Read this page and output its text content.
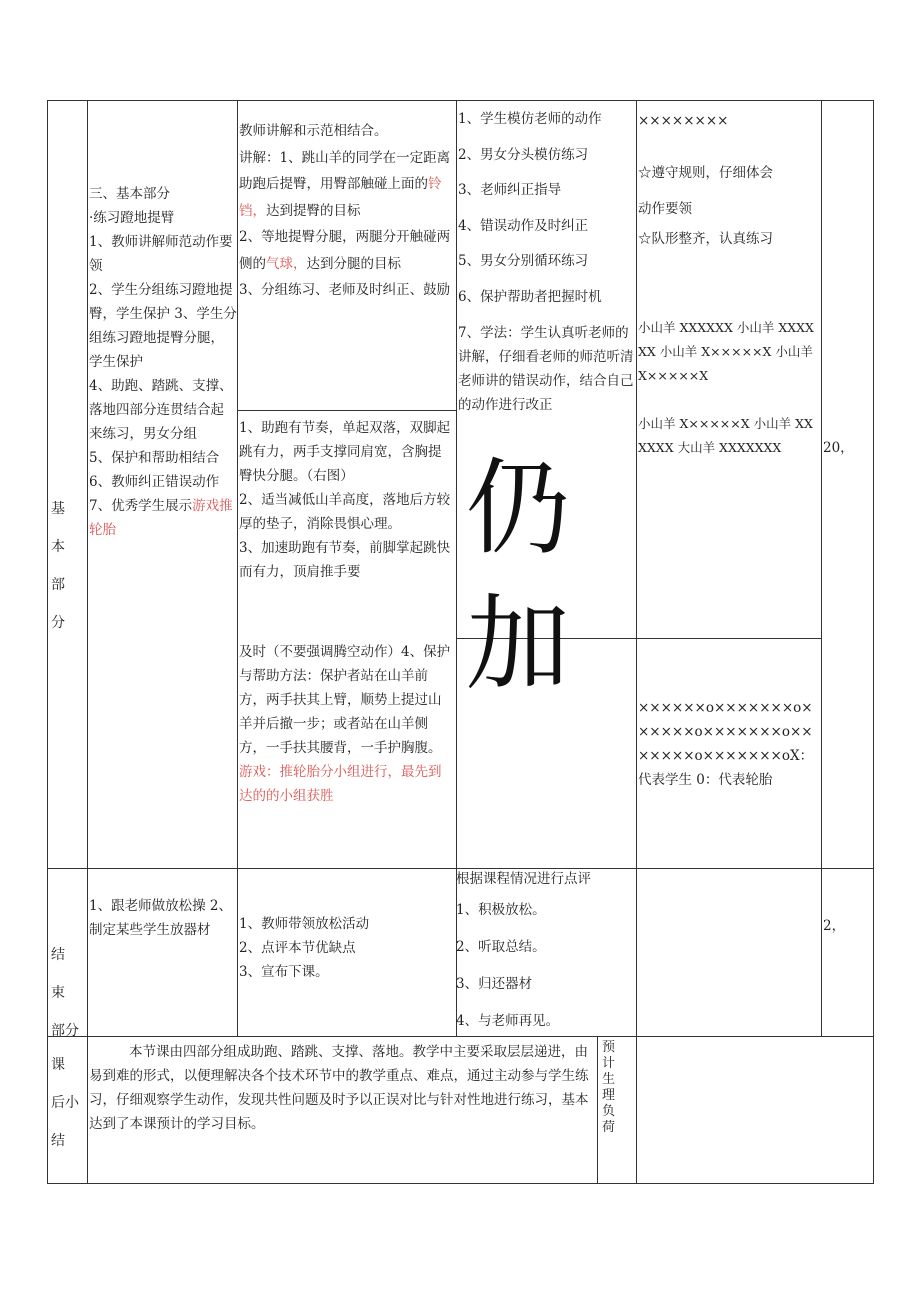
基
本
部
分
三、基本部分
·练习蹬地提臂
1、教师讲解师范动作要领
2、学生分组练习蹬地提臀，学生保护 3、学生分组练习蹬地提臀分腿，学生保护
4、助跑、踏跳、支撑、落地四部分连贯结合起来练习，男女分组
5、保护和帮助相结合
6、教师纠正错误动作
7、优秀学生展示游戏推轮胎
教师讲解和示范相结合。
讲解：1、跳山羊的同学在一定距离助跑后提臀，用臀部触碰上面的铃铛，达到提臀的目标
2、等地提臀分腿，两腿分开触碰两侧的气球，达到分腿的目标
3、分组练习、老师及时纠正、鼓励
1、助跑有节奏，单起双落，双脚起跳有力，两手支撑同肩宽，含胸提臀快分腿。（右图）
2、适当减低山羊高度，落地后方较厚的垫子，消除畏惧心理。
3、加速助跑有节奏，前脚掌起跳快而有力，顶肩推手要
及时（不要强调腾空动作）4、保护与帮助方法：保护者站在山羊前方，两手扶其上臂，顺势上提过山羊并后撤一步；或者站在山羊侧方，一手扶其腰背，一手护胸腹。游戏：推轮胎分小组进行，最先到达的的小组获胜
1、学生模仿老师的动作
2、男女分头模仿练习
3、老师纠正指导
4、错误动作及时纠正
5、男女分别循环练习
6、保护帮助者把握时机
7、学法：学生认真听老师的讲解，仔细看老师的师范听清老师讲的错误动作，结合自己的动作进行改正
仍 加
××××××××
☆遵守规则，仔细体会
动作要领
☆队形整齐，认真练习
小山羊 XXXXXX 小山羊 XXXXXX 小山羊 X×××××X 小山羊 X×××××X
小山羊 X×××××X 小山羊 XXXXXX 大山羊 XXXXXXX
××××××o×××××××o××××××o×××××××o×××××××o×××××××oX：代表学生 0：代表轮胎
20，
结
束
部分
1、跟老师做放松操 2、制定某些学生放器材	1、教师带领放松活动
2、点评本节优缺点
3、宣布下课。
根据课程情况进行点评
1、积极放松。
2、听取总结。
3、归还器材
4、与老师再见。
2，
课
后小
结
本节课由四部分组成助跑、踏跳、支撑、落地。教学中主要采取层层递进，由易到难的形式，以便理解决各个技术环节中的教学重点、难点，通过主动参与学生练习，仔细观察学生动作，发现共性问题及时予以正误对比与针对性地进行练习，基本达到了本课预计的学习目标。
预计生理负荷
